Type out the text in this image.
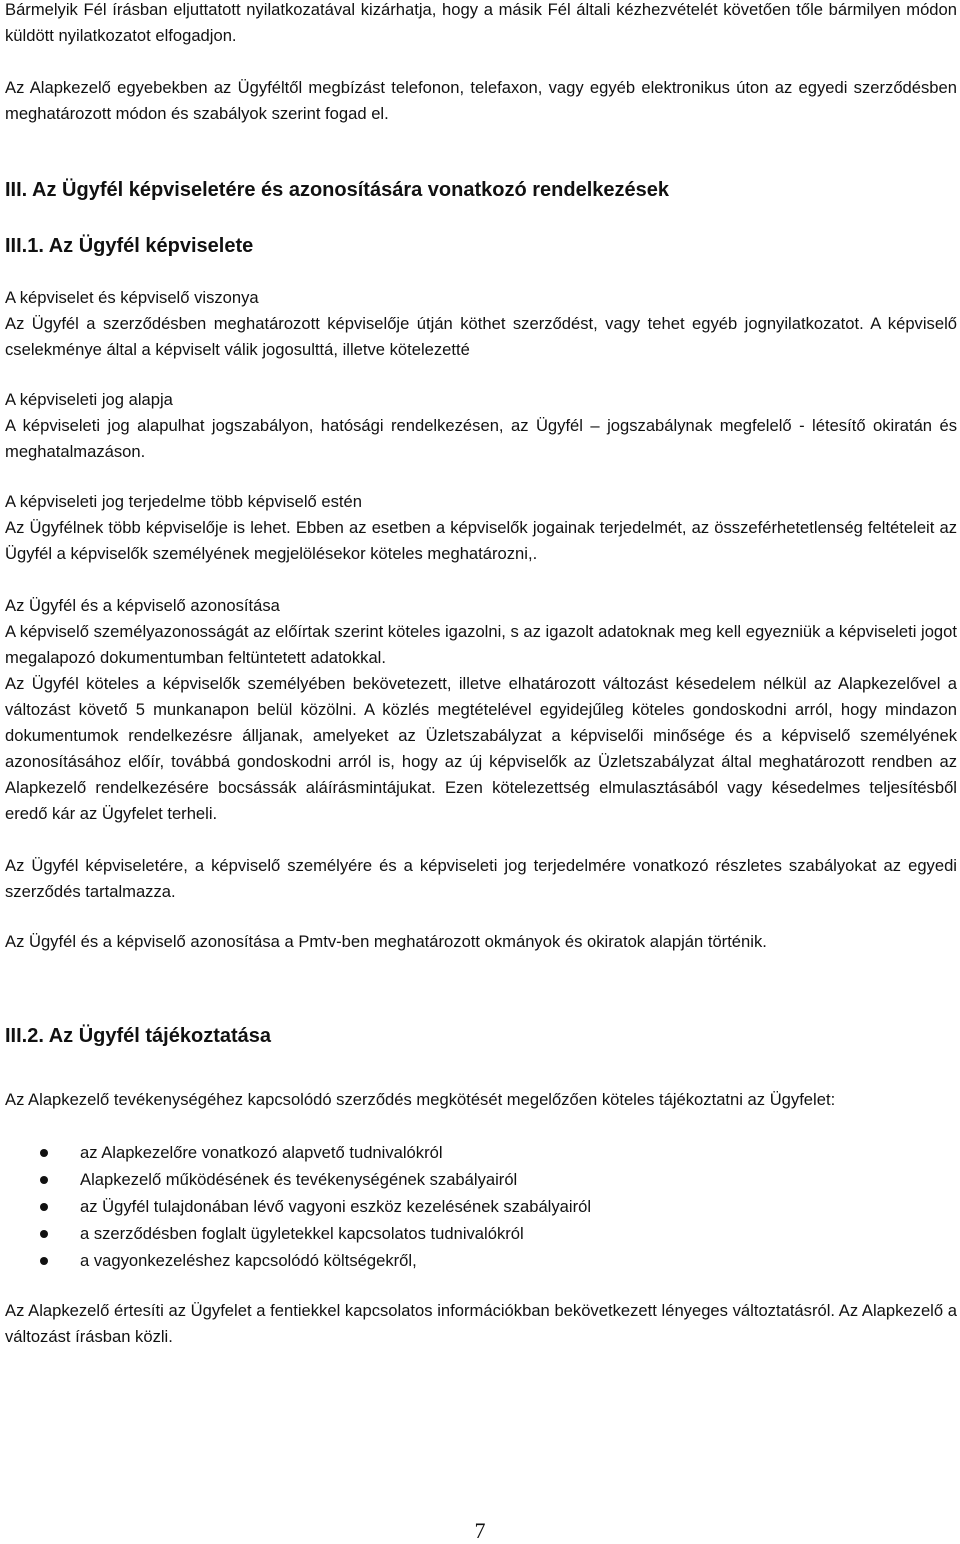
Bármelyik Fél írásban eljuttatott nyilatkozatával kizárhatja, hogy a másik Fél általi kézhezvételét követően tőle bármilyen módon küldött nyilatkozatot elfogadjon.

Az Alapkezelő egyebekben az Ügyféltől megbízást telefonon, telefaxon, vagy egyéb elektronikus úton az egyedi szerződésben meghatározott módon és szabályok szerint fogad el.

III. Az Ügyfél képviseletére és azonosítására vonatkozó rendelkezések
III.1. Az Ügyfél képviselete

A képviselet és képviselő viszonya

Az Ügyfél a szerződésben meghatározott képviselője útján köthet szerződést, vagy tehet egyéb jognyilatkozatot. A képviselő cselekménye által a képviselt válik jogosulttá, illetve kötelezetté

A képviseleti jog alapja

A képviseleti jog alapulhat jogszabályon, hatósági rendelkezésen, az Ügyfél – jogszabálynak megfelelő - létesítő okiratán és meghatalmazáson.

A képviseleti jog terjedelme több képviselő estén

Az Ügyfélnek több képviselője is lehet. Ebben az esetben a képviselők jogainak terjedelmét, az összeférhetetlenség feltételeit az Ügyfél a képviselők személyének megjelölésekor köteles meghatározni,.

Az Ügyfél és a képviselő azonosítása

A képviselő személyazonosságát az előírtak szerint köteles igazolni, s az igazolt adatoknak meg kell egyezniük a képviseleti jogot megalapozó dokumentumban feltüntetett adatokkal.

Az Ügyfél köteles a képviselők személyében bekövetezett, illetve elhatározott változást késedelem nélkül az Alapkezelővel a változást követő 5 munkanapon belül közölni. A közlés megtételével egyidejűleg köteles gondoskodni arról, hogy mindazon dokumentumok rendelkezésre álljanak, amelyeket az Üzletszabályzat a képviselői minősége és a képviselő személyének azonosításához előír, továbbá gondoskodni arról is, hogy az új képviselők az Üzletszabályzat által meghatározott rendben az Alapkezelő rendelkezésére bocsássák aláírásmintájukat. Ezen kötelezettség elmulasztásából vagy késedelmes teljesítésből eredő kár az Ügyfelet terheli.

Az Ügyfél képviseletére, a képviselő személyére és a képviseleti jog terjedelmére vonatkozó részletes szabályokat az egyedi szerződés tartalmazza.

Az Ügyfél és a képviselő azonosítása a Pmtv-ben meghatározott okmányok és okiratok alapján történik.

III.2. Az Ügyfél tájékoztatása

Az Alapkezelő tevékenységéhez kapcsolódó szerződés megkötését megelőzően köteles tájékoztatni az Ügyfelet:

az Alapkezelőre vonatkozó alapvető tudnivalókról
Alapkezelő működésének és tevékenységének szabályairól
az Ügyfél tulajdonában lévő vagyoni eszköz kezelésének szabályairól
a szerződésben foglalt ügyletekkel kapcsolatos tudnivalókról
a vagyonkezeléshez kapcsolódó költségekről,

Az Alapkezelő értesíti az Ügyfelet a fentiekkel kapcsolatos információkban bekövetkezett lényeges változtatásról. Az Alapkezelő a változást írásban közli.

7
